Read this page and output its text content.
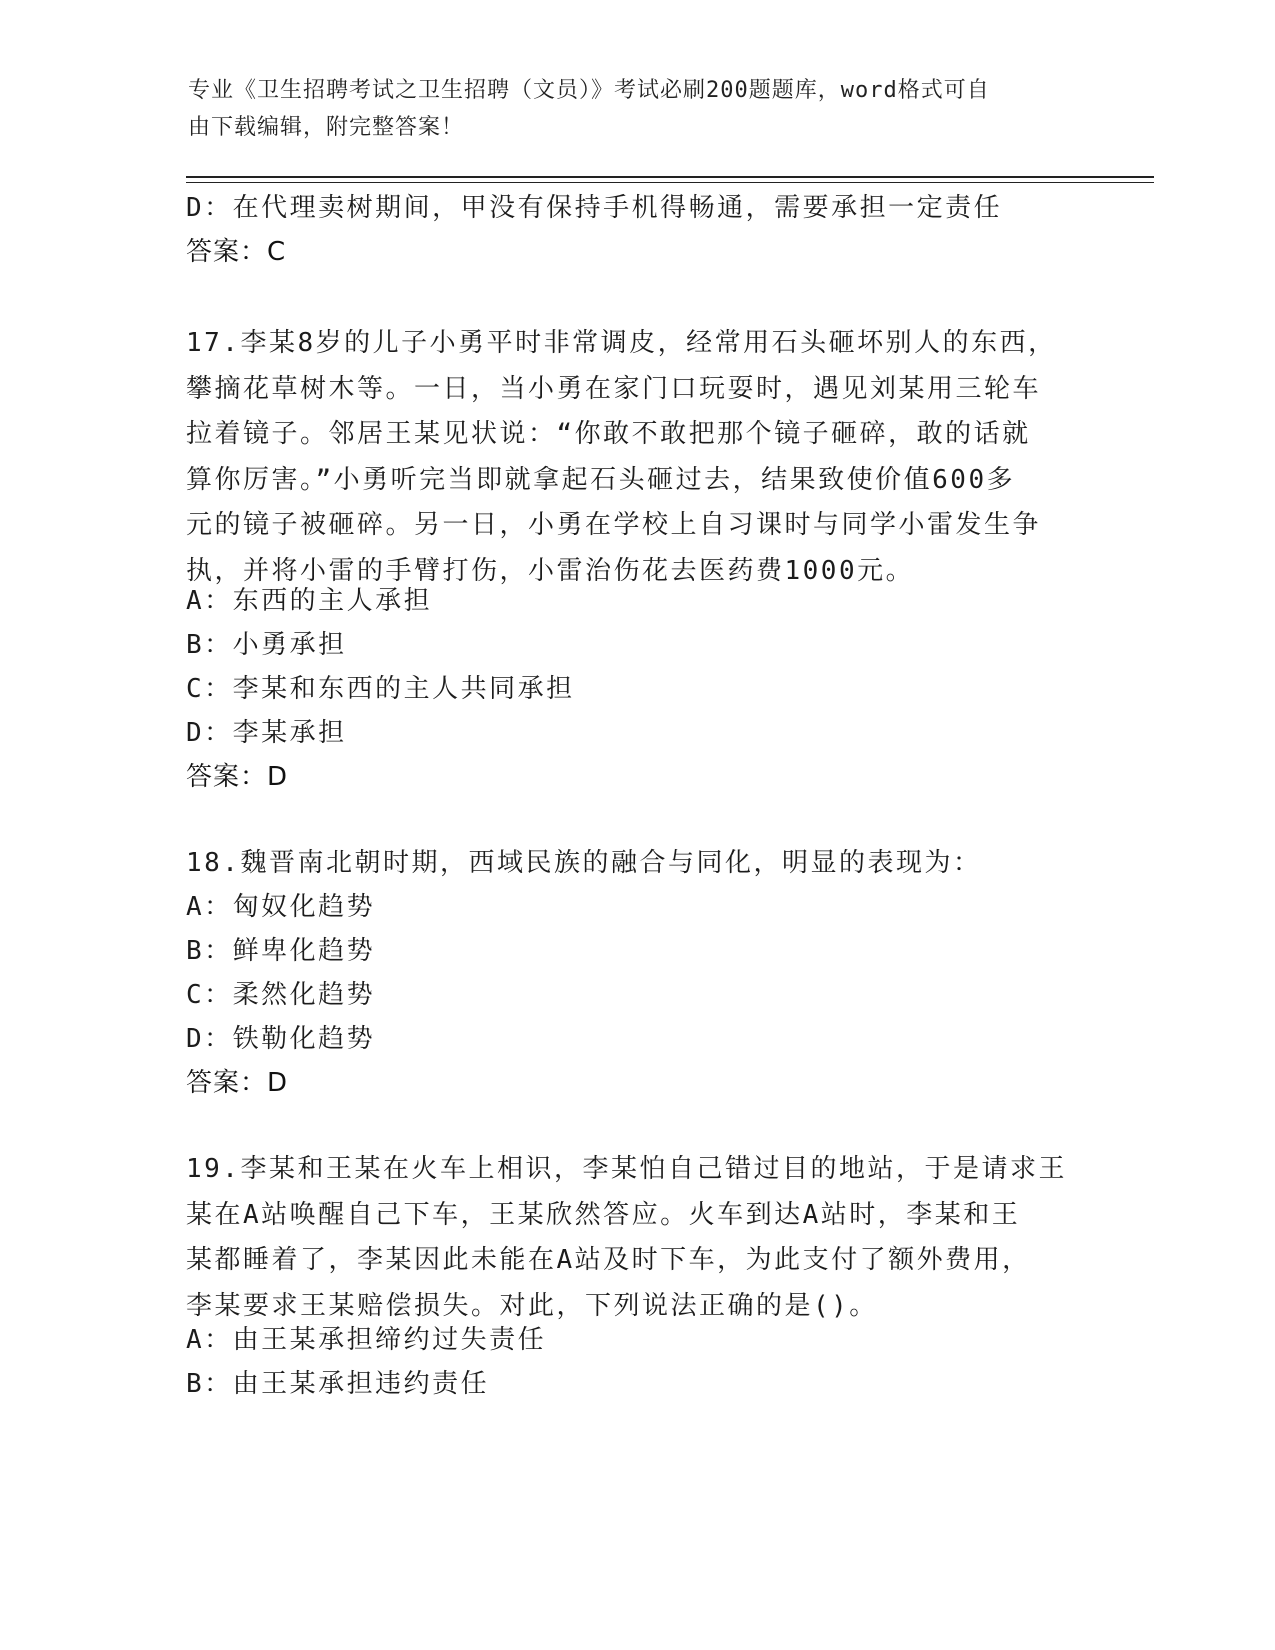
专业《卫生招聘考试之卫生招聘（文员）》考试必刷200题题库，word格式可自
由下载编辑，附完整答案！
D：在代理卖树期间，甲没有保持手机得畅通，需要承担一定责任
答案：C
17.李某8岁的儿子小勇平时非常调皮，经常用石头砸坏别人的东西，
攀摘花草树木等。一日，当小勇在家门口玩耍时，遇见刘某用三轮车
拉着镜子。邻居王某见状说：“你敢不敢把那个镜子砸碎，敢的话就
算你厉害。”小勇听完当即就拿起石头砸过去，结果致使价值600多
元的镜子被砸碎。另一日，小勇在学校上自习课时与同学小雷发生争
执，并将小雷的手臂打伤，小雷治伤花去医药费1000元。
A：东西的主人承担
B：小勇承担
C：李某和东西的主人共同承担
D：李某承担
答案：D
18.魏晋南北朝时期，西域民族的融合与同化，明显的表现为：
A：匈奴化趋势
B：鲜卑化趋势
C：柔然化趋势
D：铁勒化趋势
答案：D
19.李某和王某在火车上相识，李某怕自己错过目的地站，于是请求王
某在A站唤醒自己下车，王某欣然答应。火车到达A站时，李某和王
某都睡着了，李某因此未能在A站及时下车，为此支付了额外费用，
李某要求王某赔偿损失。对此，下列说法正确的是()。
A：由王某承担缔约过失责任
B：由王某承担违约责任
